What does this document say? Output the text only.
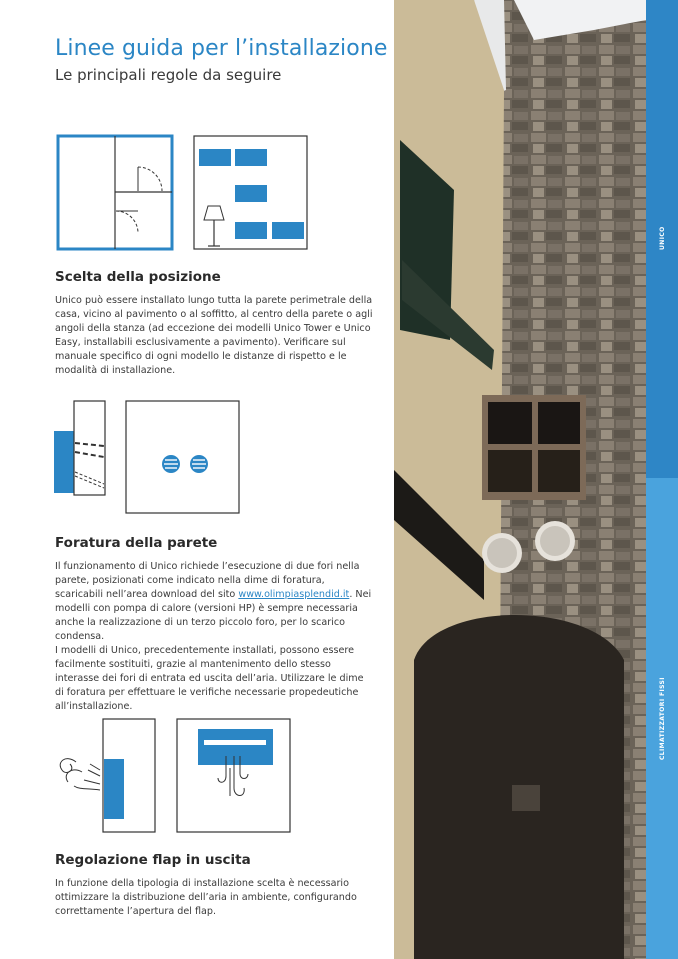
Linee guida per l’installazione
Le principali regole da seguire
Scelta della posizione
Unico può essere installato lungo tutta la parete perimetrale della casa, vicino al pavimento o al soffitto, al centro della parete o agli angoli della stanza (ad eccezione dei modelli Unico Tower e Unico Easy, installabili esclusivamente a pavimento). Verificare sul manuale specifico di ogni modello le distanze di rispetto e le modalità di installazione.
Foratura della parete

Il funzionamento di Unico richiede l’esecuzione di due fori nella parete, posizionati come indicato nella dime di foratura, scaricabili nell’area download del sito www.olimpiasplendid.it. Nei modelli con pompa di calore (versioni HP) è sempre necessaria anche la realizzazione di un terzo piccolo foro, per lo scarico condensa.

I modelli di Unico, precedentemente installati, possono essere facilmente sostituiti, grazie al mantenimento dello stesso interasse dei fori di entrata ed uscita dell’aria. Utilizzare le dime di foratura per effettuare le verifiche necessarie propedeutiche all’installazione.

Regolazione flap in uscita
In funzione della tipologia di installazione scelta è necessario ottimizzare la distribuzione dell’aria in ambiente, configurando correttamente l’apertura del flap.
UNICO
CLIMATIZZATORI FISSI
